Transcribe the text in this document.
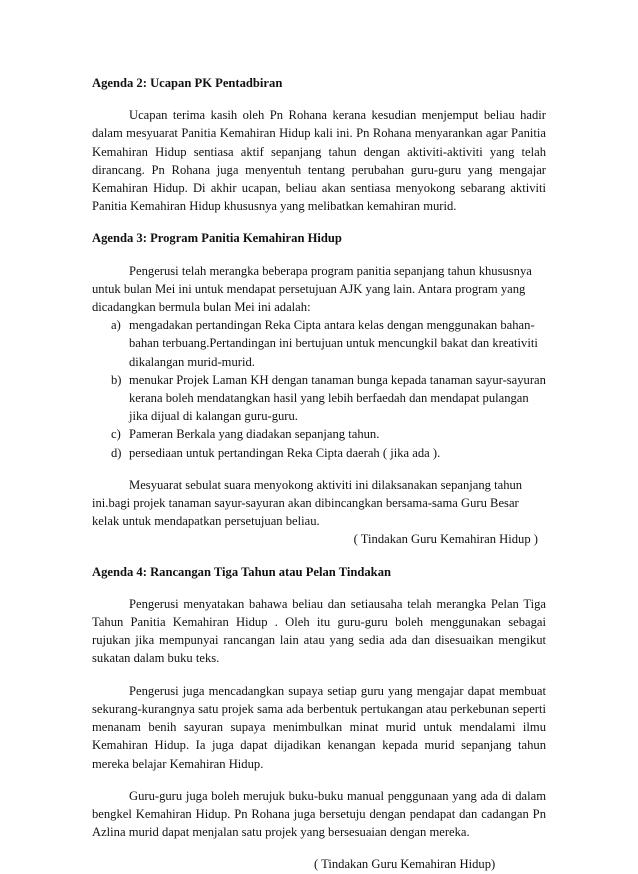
Agenda 2: Ucapan PK Pentadbiran

Ucapan terima kasih oleh Pn Rohana kerana kesudian menjemput beliau hadir dalam mesyuarat Panitia Kemahiran Hidup kali ini. Pn Rohana menyarankan agar Panitia Kemahiran Hidup sentiasa aktif sepanjang tahun dengan aktiviti-aktiviti yang telah dirancang. Pn Rohana juga menyentuh tentang perubahan guru-guru yang mengajar Kemahiran Hidup. Di akhir ucapan, beliau akan sentiasa menyokong sebarang aktiviti Panitia Kemahiran Hidup khususnya yang melibatkan kemahiran murid.

Agenda 3: Program Panitia Kemahiran Hidup

Pengerusi telah merangka beberapa program panitia sepanjang tahun khususnya untuk bulan Mei ini untuk mendapat persetujuan AJK yang lain. Antara program yang dicadangkan bermula bulan Mei ini adalah:

a) mengadakan pertandingan Reka Cipta antara kelas dengan menggunakan bahan-bahan terbuang.Pertandingan ini bertujuan untuk mencungkil bakat dan kreativiti dikalangan murid-murid.
b) menukar Projek Laman KH dengan tanaman bunga kepada tanaman sayur-sayuran kerana boleh mendatangkan hasil yang lebih berfaedah dan mendapat pulangan jika dijual di kalangan guru-guru.
c) Pameran Berkala yang diadakan sepanjang tahun.
d) persediaan untuk pertandingan Reka Cipta daerah ( jika ada ).

Mesyuarat sebulat suara menyokong aktiviti ini dilaksanakan sepanjang tahun ini.bagi projek tanaman sayur-sayuran akan dibincangkan bersama-sama Guru Besar kelak untuk mendapatkan persetujuan beliau.

( Tindakan Guru Kemahiran Hidup )

Agenda 4: Rancangan Tiga Tahun atau Pelan Tindakan

Pengerusi menyatakan bahawa beliau dan setiausaha telah merangka Pelan Tiga Tahun Panitia Kemahiran Hidup . Oleh itu guru-guru boleh menggunakan sebagai rujukan jika mempunyai rancangan lain atau yang sedia ada dan disesuaikan mengikut sukatan dalam buku teks.

Pengerusi juga mencadangkan supaya setiap guru yang mengajar dapat membuat sekurang-kurangnya satu projek sama ada berbentuk pertukangan atau perkebunan seperti menanam benih sayuran supaya menimbulkan minat murid untuk mendalami ilmu Kemahiran Hidup. Ia juga dapat dijadikan kenangan kepada murid sepanjang tahun mereka belajar Kemahiran Hidup.

Guru-guru juga boleh merujuk buku-buku manual penggunaan yang ada di dalam bengkel Kemahiran Hidup. Pn Rohana juga bersetuju dengan pendapat dan cadangan Pn Azlina murid dapat menjalan satu projek yang bersesuaian dengan mereka.

( Tindakan Guru Kemahiran Hidup)
